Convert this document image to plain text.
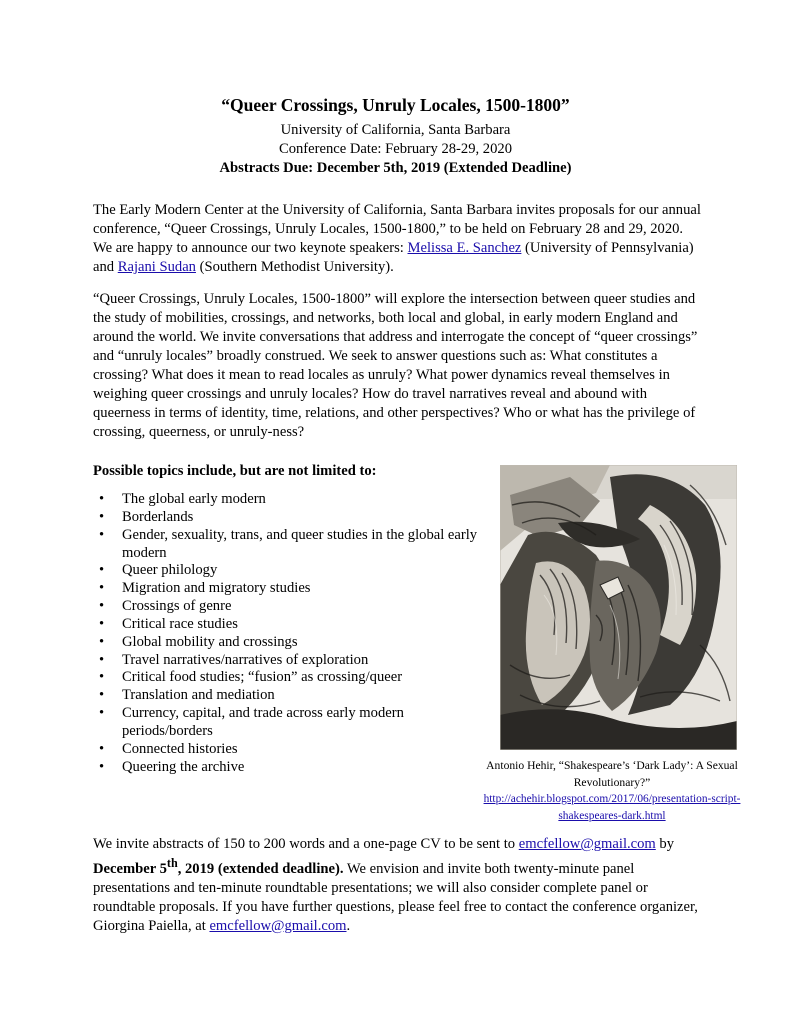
“Queer Crossings, Unruly Locales, 1500-1800”

University of California, Santa Barbara

Conference Date: February 28-29, 2020

Abstracts Due: December 5th, 2019 (Extended Deadline)

The Early Modern Center at the University of California, Santa Barbara invites proposals for our annual conference, “Queer Crossings, Unruly Locales, 1500-1800,” to be held on February 28 and 29, 2020. We are happy to announce our two keynote speakers: Melissa E. Sanchez (University of Pennsylvania) and Rajani Sudan (Southern Methodist University).

“Queer Crossings, Unruly Locales, 1500-1800” will explore the intersection between queer studies and the study of mobilities, crossings, and networks, both local and global, in early modern England and around the world. We invite conversations that address and interrogate the concept of “queer crossings” and “unruly locales” broadly construed. We seek to answer questions such as: What constitutes a crossing? What does it mean to read locales as unruly? What power dynamics reveal themselves in weighing queer crossings and unruly locales? How do travel narratives reveal and abound with queerness in terms of identity, time, relations, and other perspectives? Who or what has the privilege of crossing, queerness, or unruly-ness?

Possible topics include, but are not limited to:

• The global early modern
• Borderlands
• Gender, sexuality, trans, and queer studies in the global early modern
• Queer philology
• Migration and migratory studies
• Crossings of genre
• Critical race studies
• Global mobility and crossings
• Travel narratives/narratives of exploration
• Critical food studies; “fusion” as crossing/queer
• Translation and mediation
• Currency, capital, and trade across early modern periods/borders
• Connected histories
• Queering the archive	Antonio Hehir, “Shakespeare’s ‘Dark Lady’: A Sexual Revolutionary?”
http://achehir.blogspot.com/2017/06/presentation-script-shakespeares-dark.html

We invite abstracts of 150 to 200 words and a one-page CV to be sent to emcfellow@gmail.com by December 5th, 2019 (extended deadline). We envision and invite both twenty-minute panel presentations and ten-minute roundtable presentations; we will also consider complete panel or roundtable proposals. If you have further questions, please feel free to contact the conference organizer, Giorgina Paiella, at emcfellow@gmail.com.
